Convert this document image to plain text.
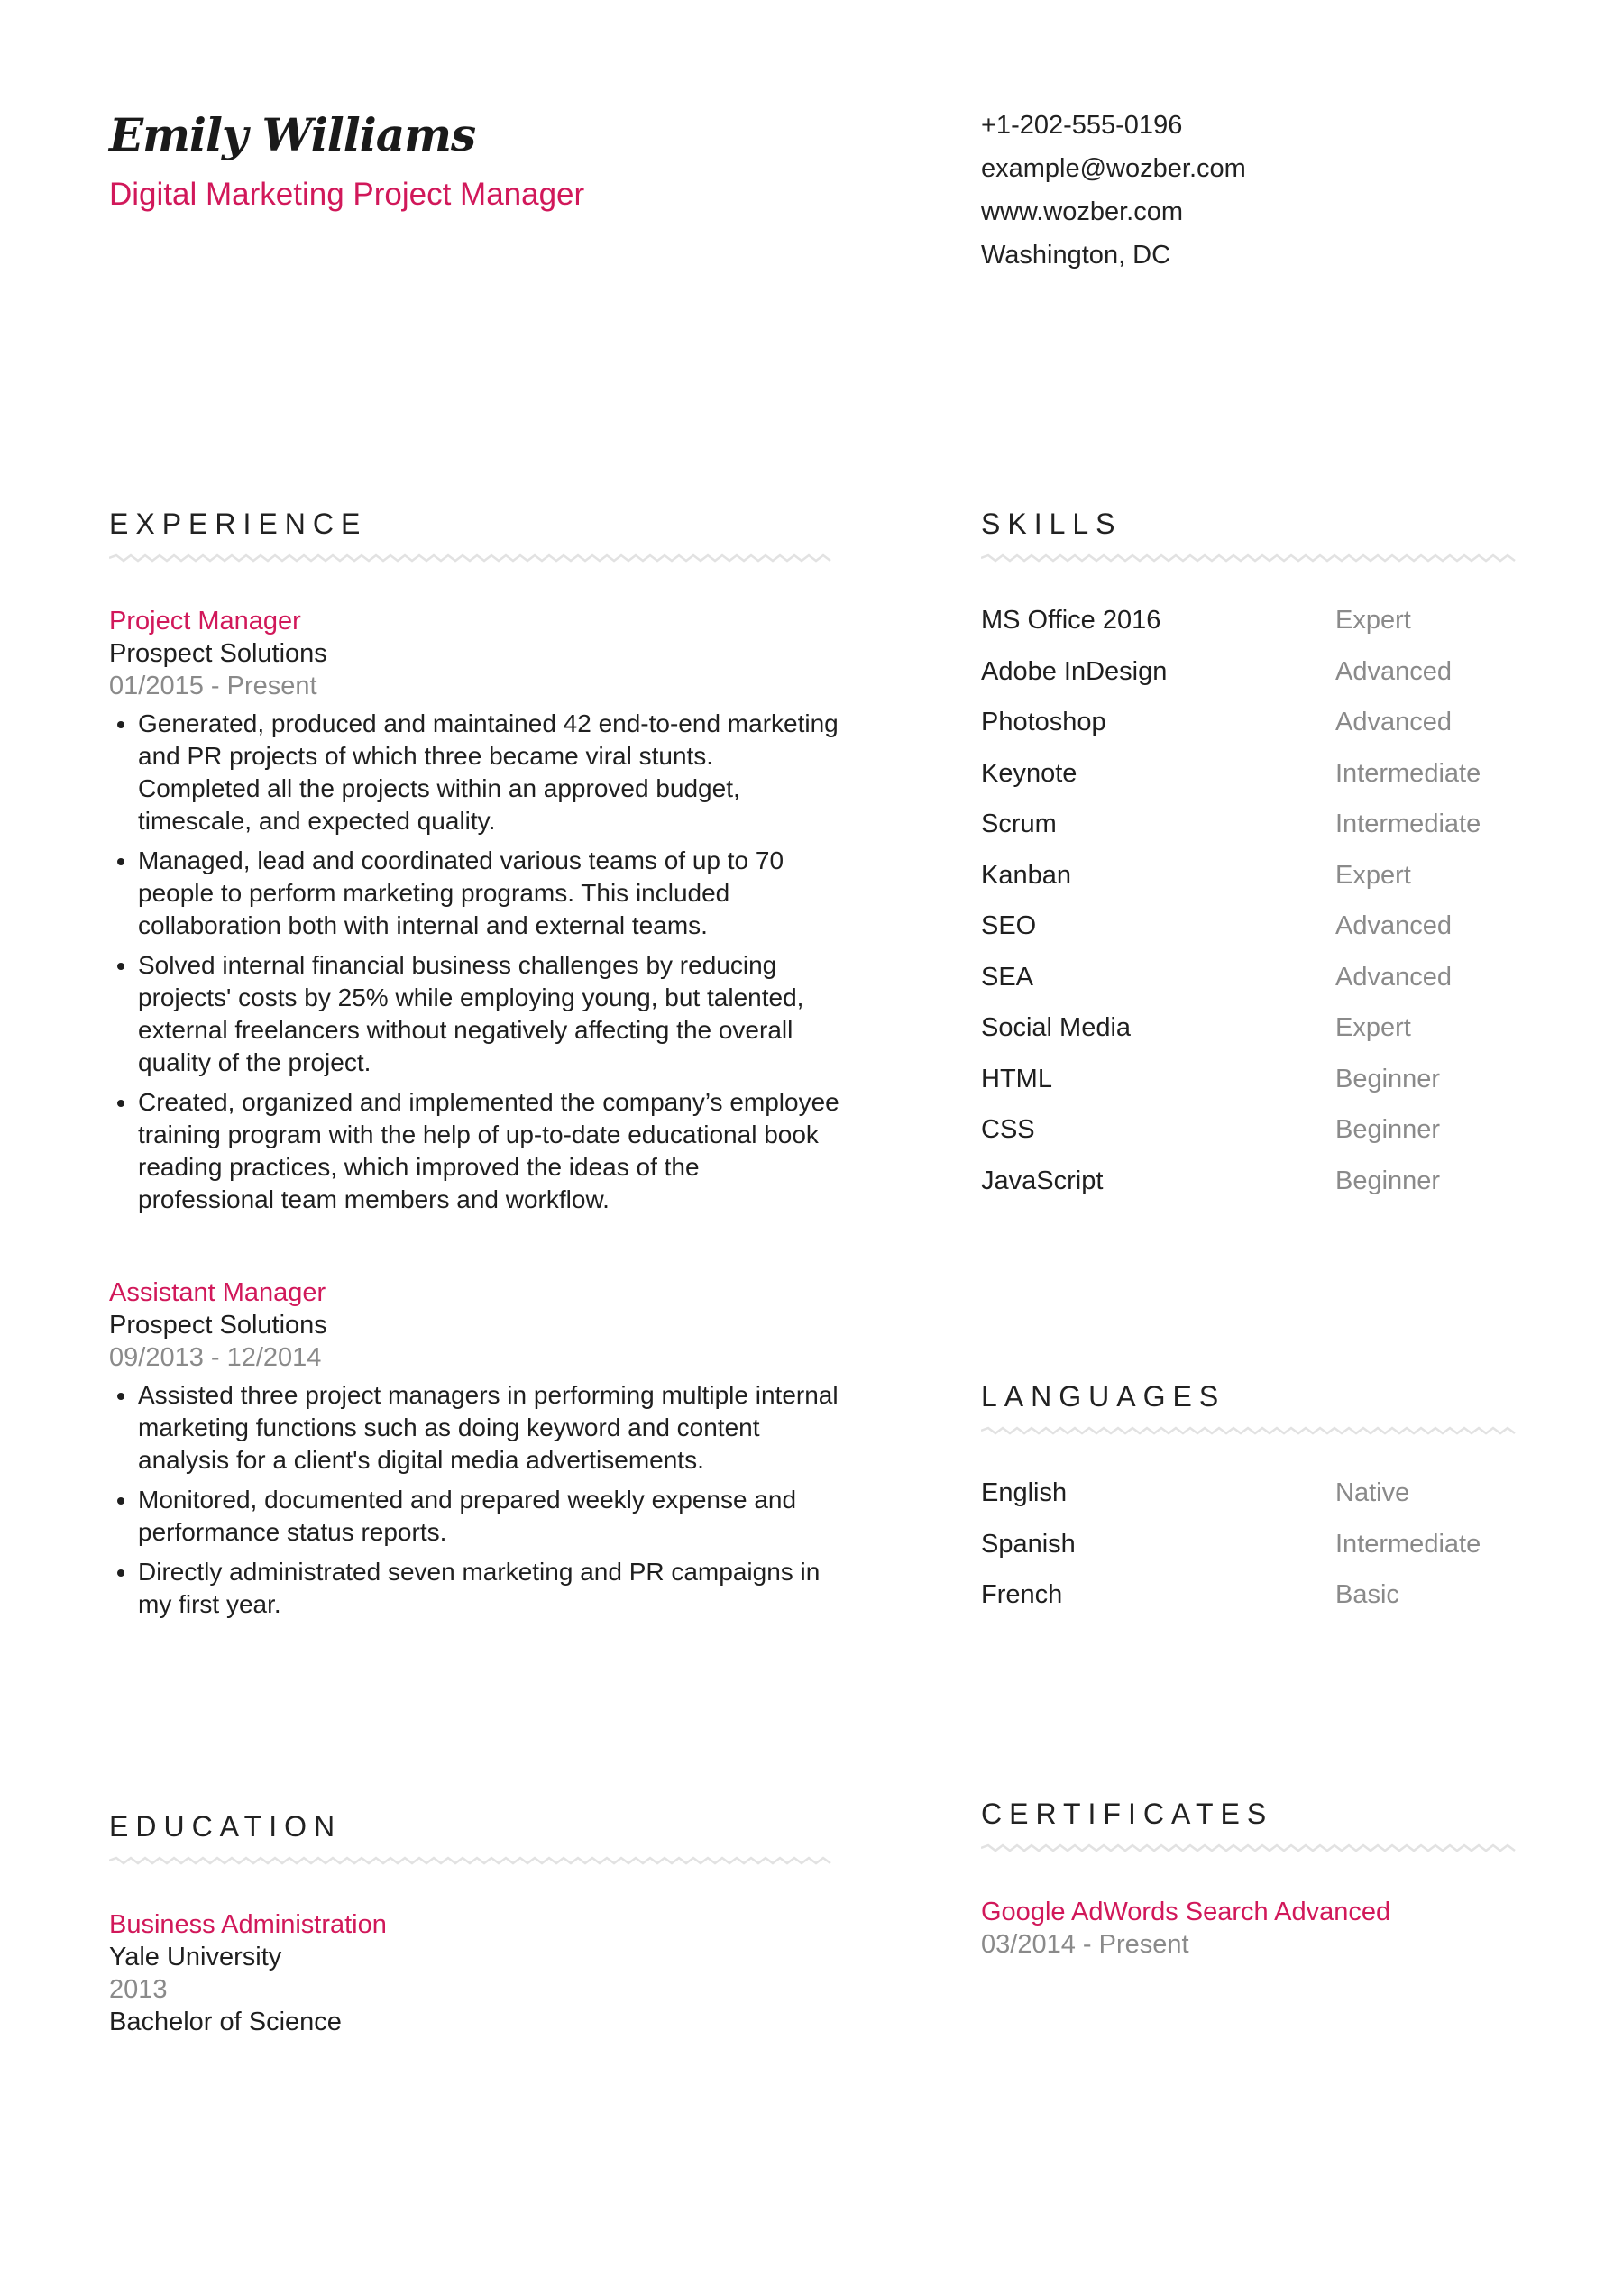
Emily Williams
Digital Marketing Project Manager
+1-202-555-0196
example@wozber.com
www.wozber.com
Washington, DC
EXPERIENCE
Project Manager
Prospect Solutions
01/2015 - Present
• Generated, produced and maintained 42 end-to-end marketing and PR projects of which three became viral stunts. Completed all the projects within an approved budget, timescale, and expected quality.
• Managed, lead and coordinated various teams of up to 70 people to perform marketing programs. This included collaboration both with internal and external teams.
• Solved internal financial business challenges by reducing projects' costs by 25% while employing young, but talented, external freelancers without negatively affecting the overall quality of the project.
• Created, organized and implemented the company’s employee training program with the help of up-to-date educational book reading practices, which improved the ideas of the professional team members and workflow.
Assistant Manager
Prospect Solutions
09/2013 - 12/2014
• Assisted three project managers in performing multiple internal marketing functions such as doing keyword and content analysis for a client's digital media advertisements.
• Monitored, documented and prepared weekly expense and performance status reports.
• Directly administrated seven marketing and PR campaigns in my first year.
SKILLS
MS Office 2016	Expert
Adobe InDesign	Advanced
Photoshop	Advanced
Keynote	Intermediate
Scrum	Intermediate
Kanban	Expert
SEO	Advanced
SEA	Advanced
Social Media	Expert
HTML	Beginner
CSS	Beginner
JavaScript	Beginner
LANGUAGES
English	Native
Spanish	Intermediate
French	Basic
EDUCATION
Business Administration
Yale University
2013
Bachelor of Science
CERTIFICATES
Google AdWords Search Advanced
03/2014 - Present
